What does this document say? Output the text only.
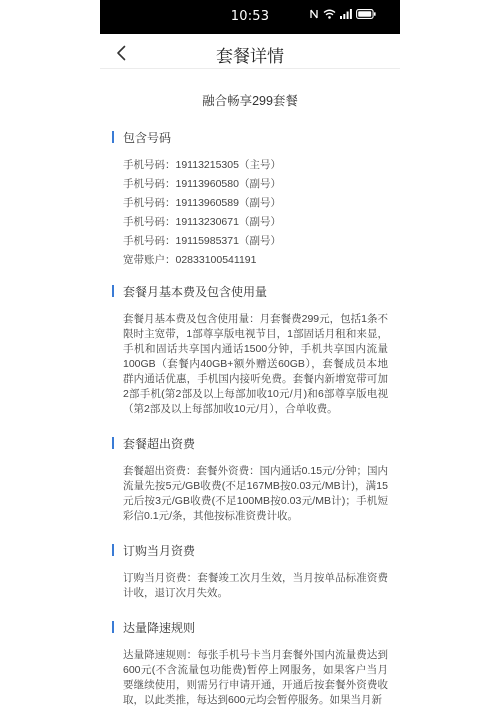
10:53
套餐详情
融合畅享299套餐
包含号码
手机号码：19113215305（主号）
手机号码：19113960580（副号）
手机号码：19113960589（副号）
手机号码：19113230671（副号）
手机号码：19115985371（副号）
宽带账户：02833100541191
套餐月基本费及包含使用量
套餐月基本费及包含使用量：月套餐费299元，包括1条不限时主宽带，1部尊享版电视节目，1部固话月租和来显，手机和固话共享国内通话1500分钟，手机共享国内流量100GB（套餐内40GB+额外赠送60GB），套餐成员本地群内通话优惠，手机国内接听免费。套餐内新增宽带可加2部手机(第2部及以上每部加收10元/月)和6部尊享版电视（第2部及以上每部加收10元/月），合单收费。
套餐超出资费
套餐超出资费：套餐外资费：国内通话0.15元/分钟；国内流量先按5元/GB收费(不足167MB按0.03元/MB计)，满15元后按3元/GB收费(不足100MB按0.03元/MB计)；手机短彩信0.1元/条，其他按标准资费计收。
订购当月资费
订购当月资费：套餐竣工次月生效，当月按单品标准资费计收，退订次月失效。
达量降速规则
达量降速规则：每张手机号卡当月套餐外国内流量费达到600元(不含流量包功能费)暂停上网服务，如果客户当月要继续使用，则需另行申请开通，开通后按套餐外资费收取，以此类推，每达到600元均会暂停服务。如果当月新
